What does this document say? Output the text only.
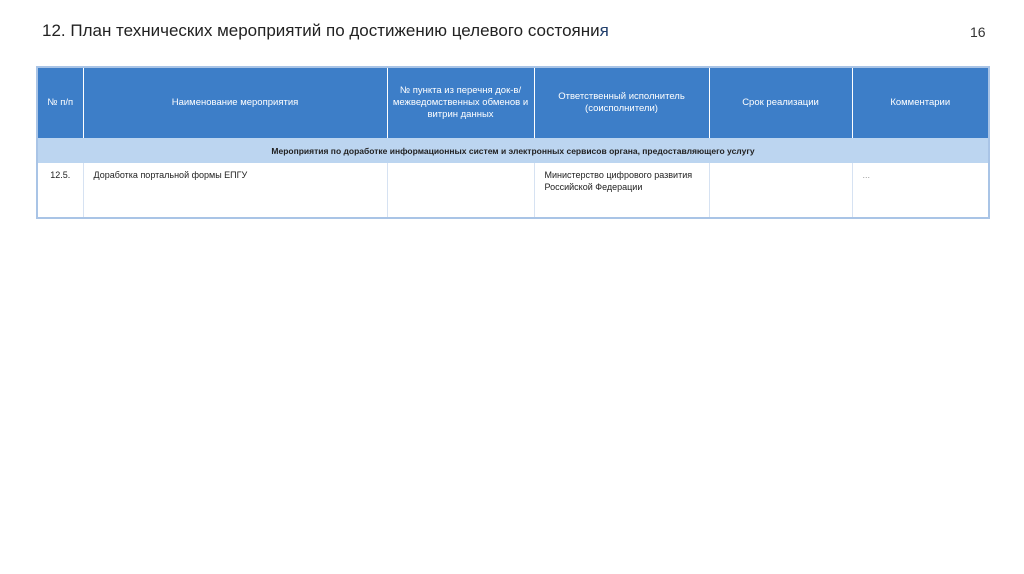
12. План технических мероприятий по достижению целевого состояния	16
№ п/п	Наименование мероприятия	№ пункта из перечня док-в/ межведомственных обменов и витрин данных	Ответственный исполнитель (соисполнители)	Срок реализации	Комментарии
Мероприятия по доработке информационных систем и электронных сервисов органа, предоставляющего услугу					
12.5.	Доработка портальной формы ЕПГУ		Министерство цифрового развития Российской Федерации		...
